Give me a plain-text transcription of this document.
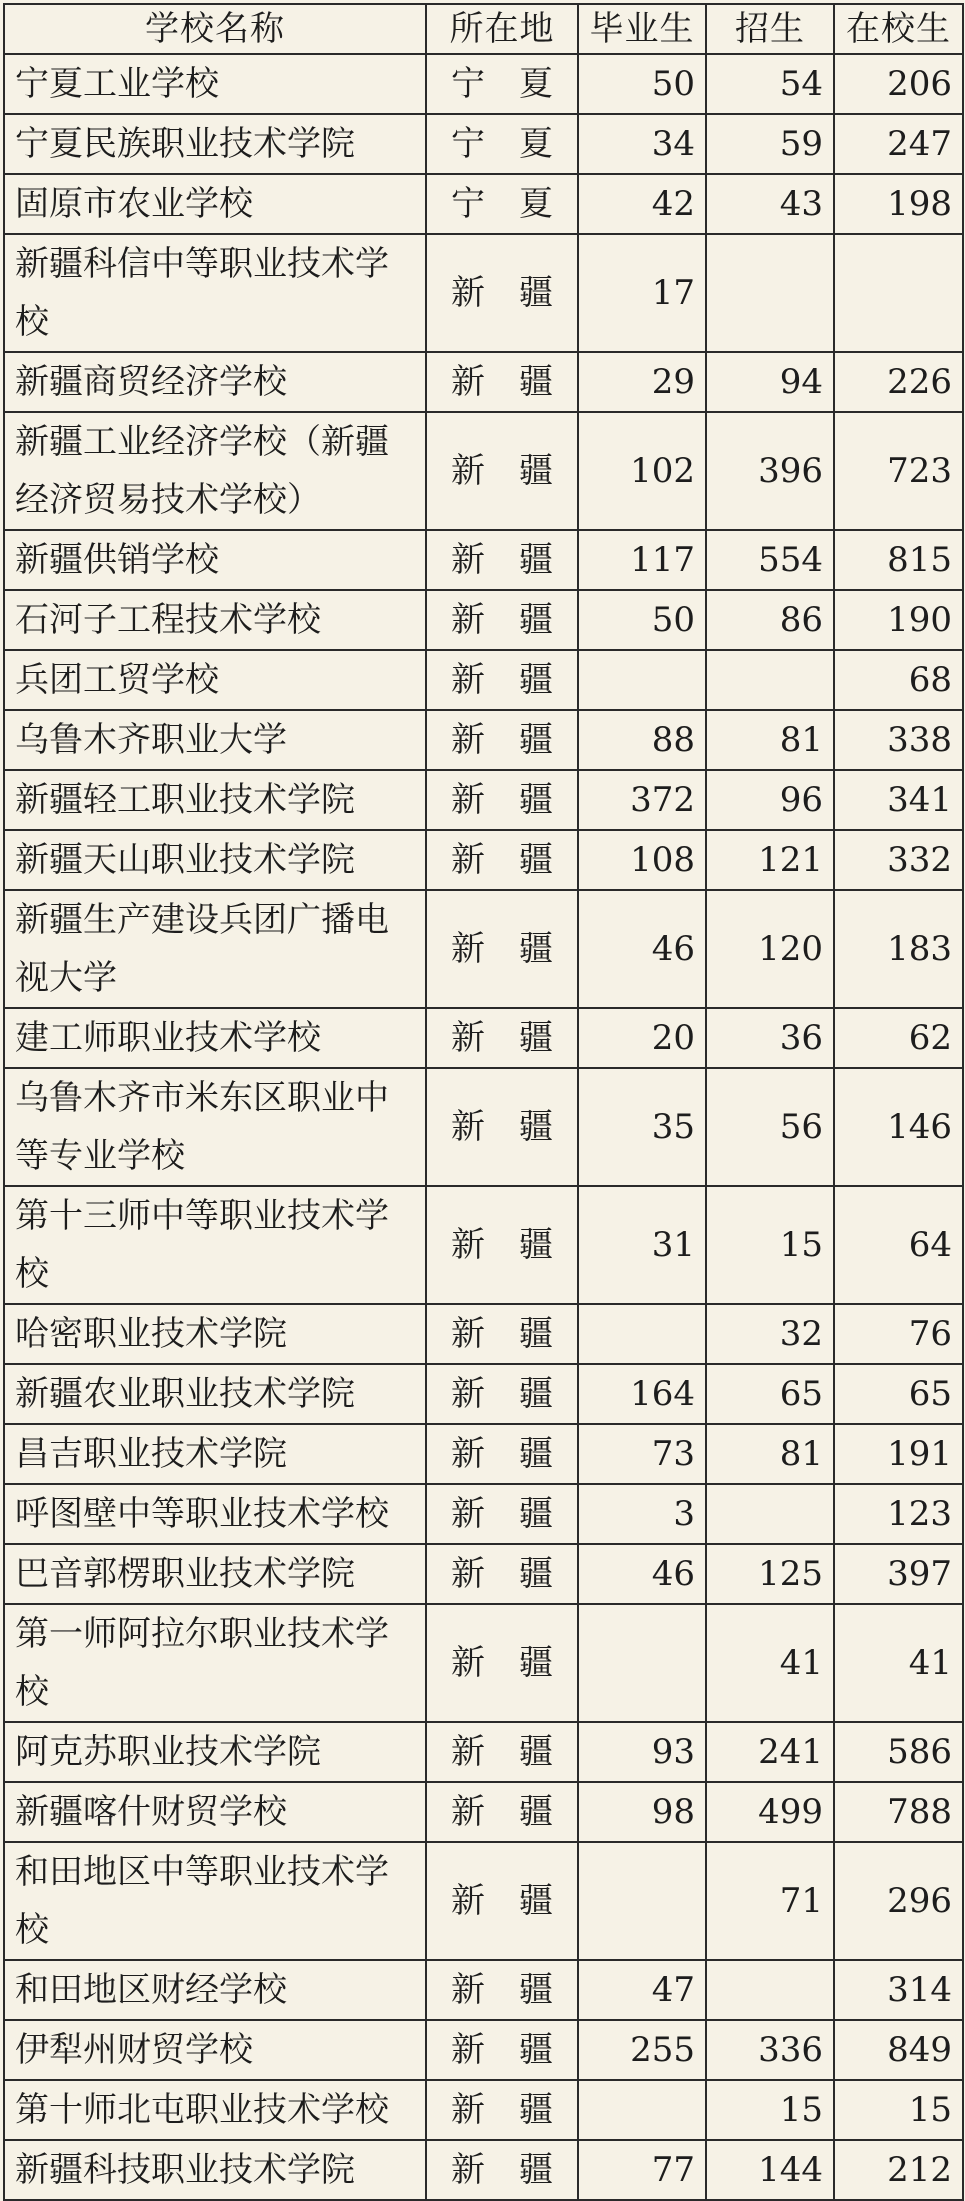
学校名称	所在地	毕业生	招生	在校生
宁夏工业学校	宁　夏	50	54	206
宁夏民族职业技术学院	宁　夏	34	59	247
固原市农业学校	宁　夏	42	43	198
新疆科信中等职业技术学校	新　疆	17		
新疆商贸经济学校	新　疆	29	94	226
新疆工业经济学校（新疆经济贸易技术学校）	新　疆	102	396	723
新疆供销学校	新　疆	117	554	815
石河子工程技术学校	新　疆	50	86	190
兵团工贸学校	新　疆			68
乌鲁木齐职业大学	新　疆	88	81	338
新疆轻工职业技术学院	新　疆	372	96	341
新疆天山职业技术学院	新　疆	108	121	332
新疆生产建设兵团广播电视大学	新　疆	46	120	183
建工师职业技术学校	新　疆	20	36	62
乌鲁木齐市米东区职业中等专业学校	新　疆	35	56	146
第十三师中等职业技术学校	新　疆	31	15	64
哈密职业技术学院	新　疆		32	76
新疆农业职业技术学院	新　疆	164	65	65
昌吉职业技术学院	新　疆	73	81	191
呼图壁中等职业技术学校	新　疆	3		123
巴音郭楞职业技术学院	新　疆	46	125	397
第一师阿拉尔职业技术学校	新　疆		41	41
阿克苏职业技术学院	新　疆	93	241	586
新疆喀什财贸学校	新　疆	98	499	788
和田地区中等职业技术学校	新　疆		71	296
和田地区财经学校	新　疆	47		314
伊犁州财贸学校	新　疆	255	336	849
第十师北屯职业技术学校	新　疆		15	15
新疆科技职业技术学院	新　疆	77	144	212
